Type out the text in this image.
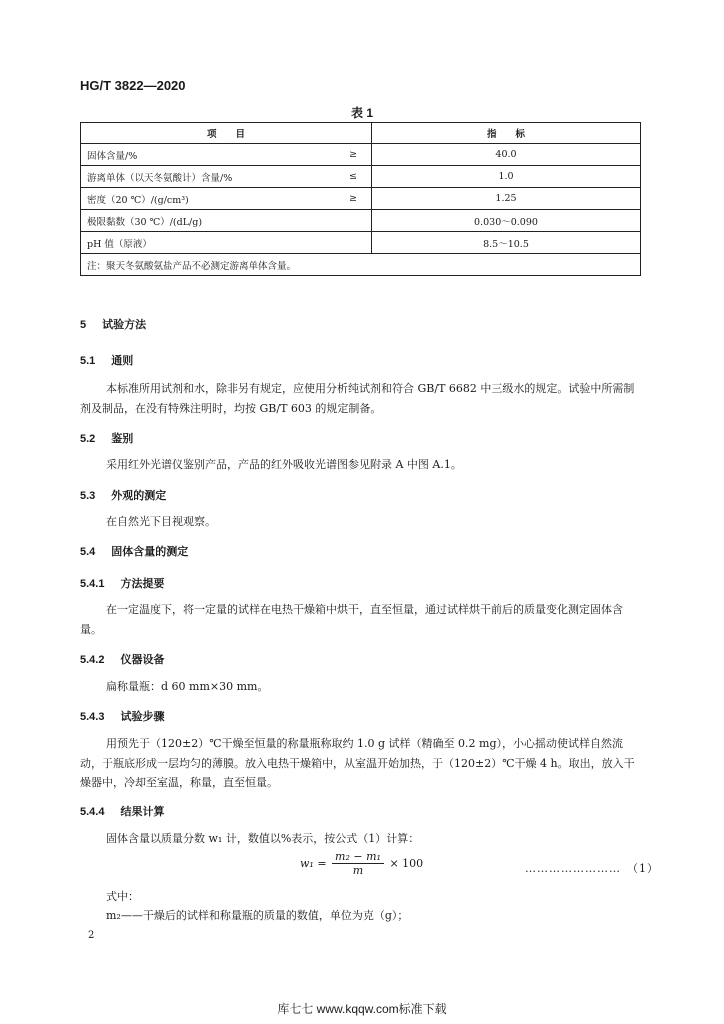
HG/T 3822—2020
表 1
项　　目		指　　标
固体含量/%	≥	40.0
游离单体（以天冬氨酸计）含量/%	≤	1.0
密度（20 ℃）/(g/cm³)	≥	1.25
极限黏数（30 ℃）/(dL/g)		0.030～0.090
pH 值（原液）		8.5～10.5
注：聚天冬氨酸氨盐产品不必测定游离单体含量。		
5 试验方法
5.1 通则
本标准所用试剂和水，除非另有规定，应使用分析纯试剂和符合 GB/T 6682 中三级水的规定。试验中所需制剂及制品，在没有特殊注明时，均按 GB/T 603 的规定制备。
5.2 鉴别
采用红外光谱仪鉴别产品，产品的红外吸收光谱图参见附录 A 中图 A.1。
5.3 外观的测定
在自然光下目视观察。
5.4 固体含量的测定
5.4.1 方法提要
在一定温度下，将一定量的试样在电热干燥箱中烘干，直至恒量，通过试样烘干前后的质量变化测定固体含量。
5.4.2 仪器设备
扁称量瓶：d 60 mm×30 mm。
5.4.3 试验步骤
用预先于（120±2）℃干燥至恒量的称量瓶称取约 1.0 g 试样（精确至 0.2 mg），小心摇动使试样自然流动，于瓶底形成一层均匀的薄膜。放入电热干燥箱中，从室温开始加热，于（120±2）℃干燥 4 h。取出，放入干燥器中，冷却至室温，称量，直至恒量。
5.4.4 结果计算
固体含量以质量分数 w₁ 计，数值以%表示，按公式（1）计算：
$w_1 = \frac{\text{m₂ − m₁}}{m} \times 100$	…………………… （1）
式中：
m₂——干燥后的试样和称量瓶的质量的数值，单位为克（g）；
2
库七七 www.kqqw.com标准下载
